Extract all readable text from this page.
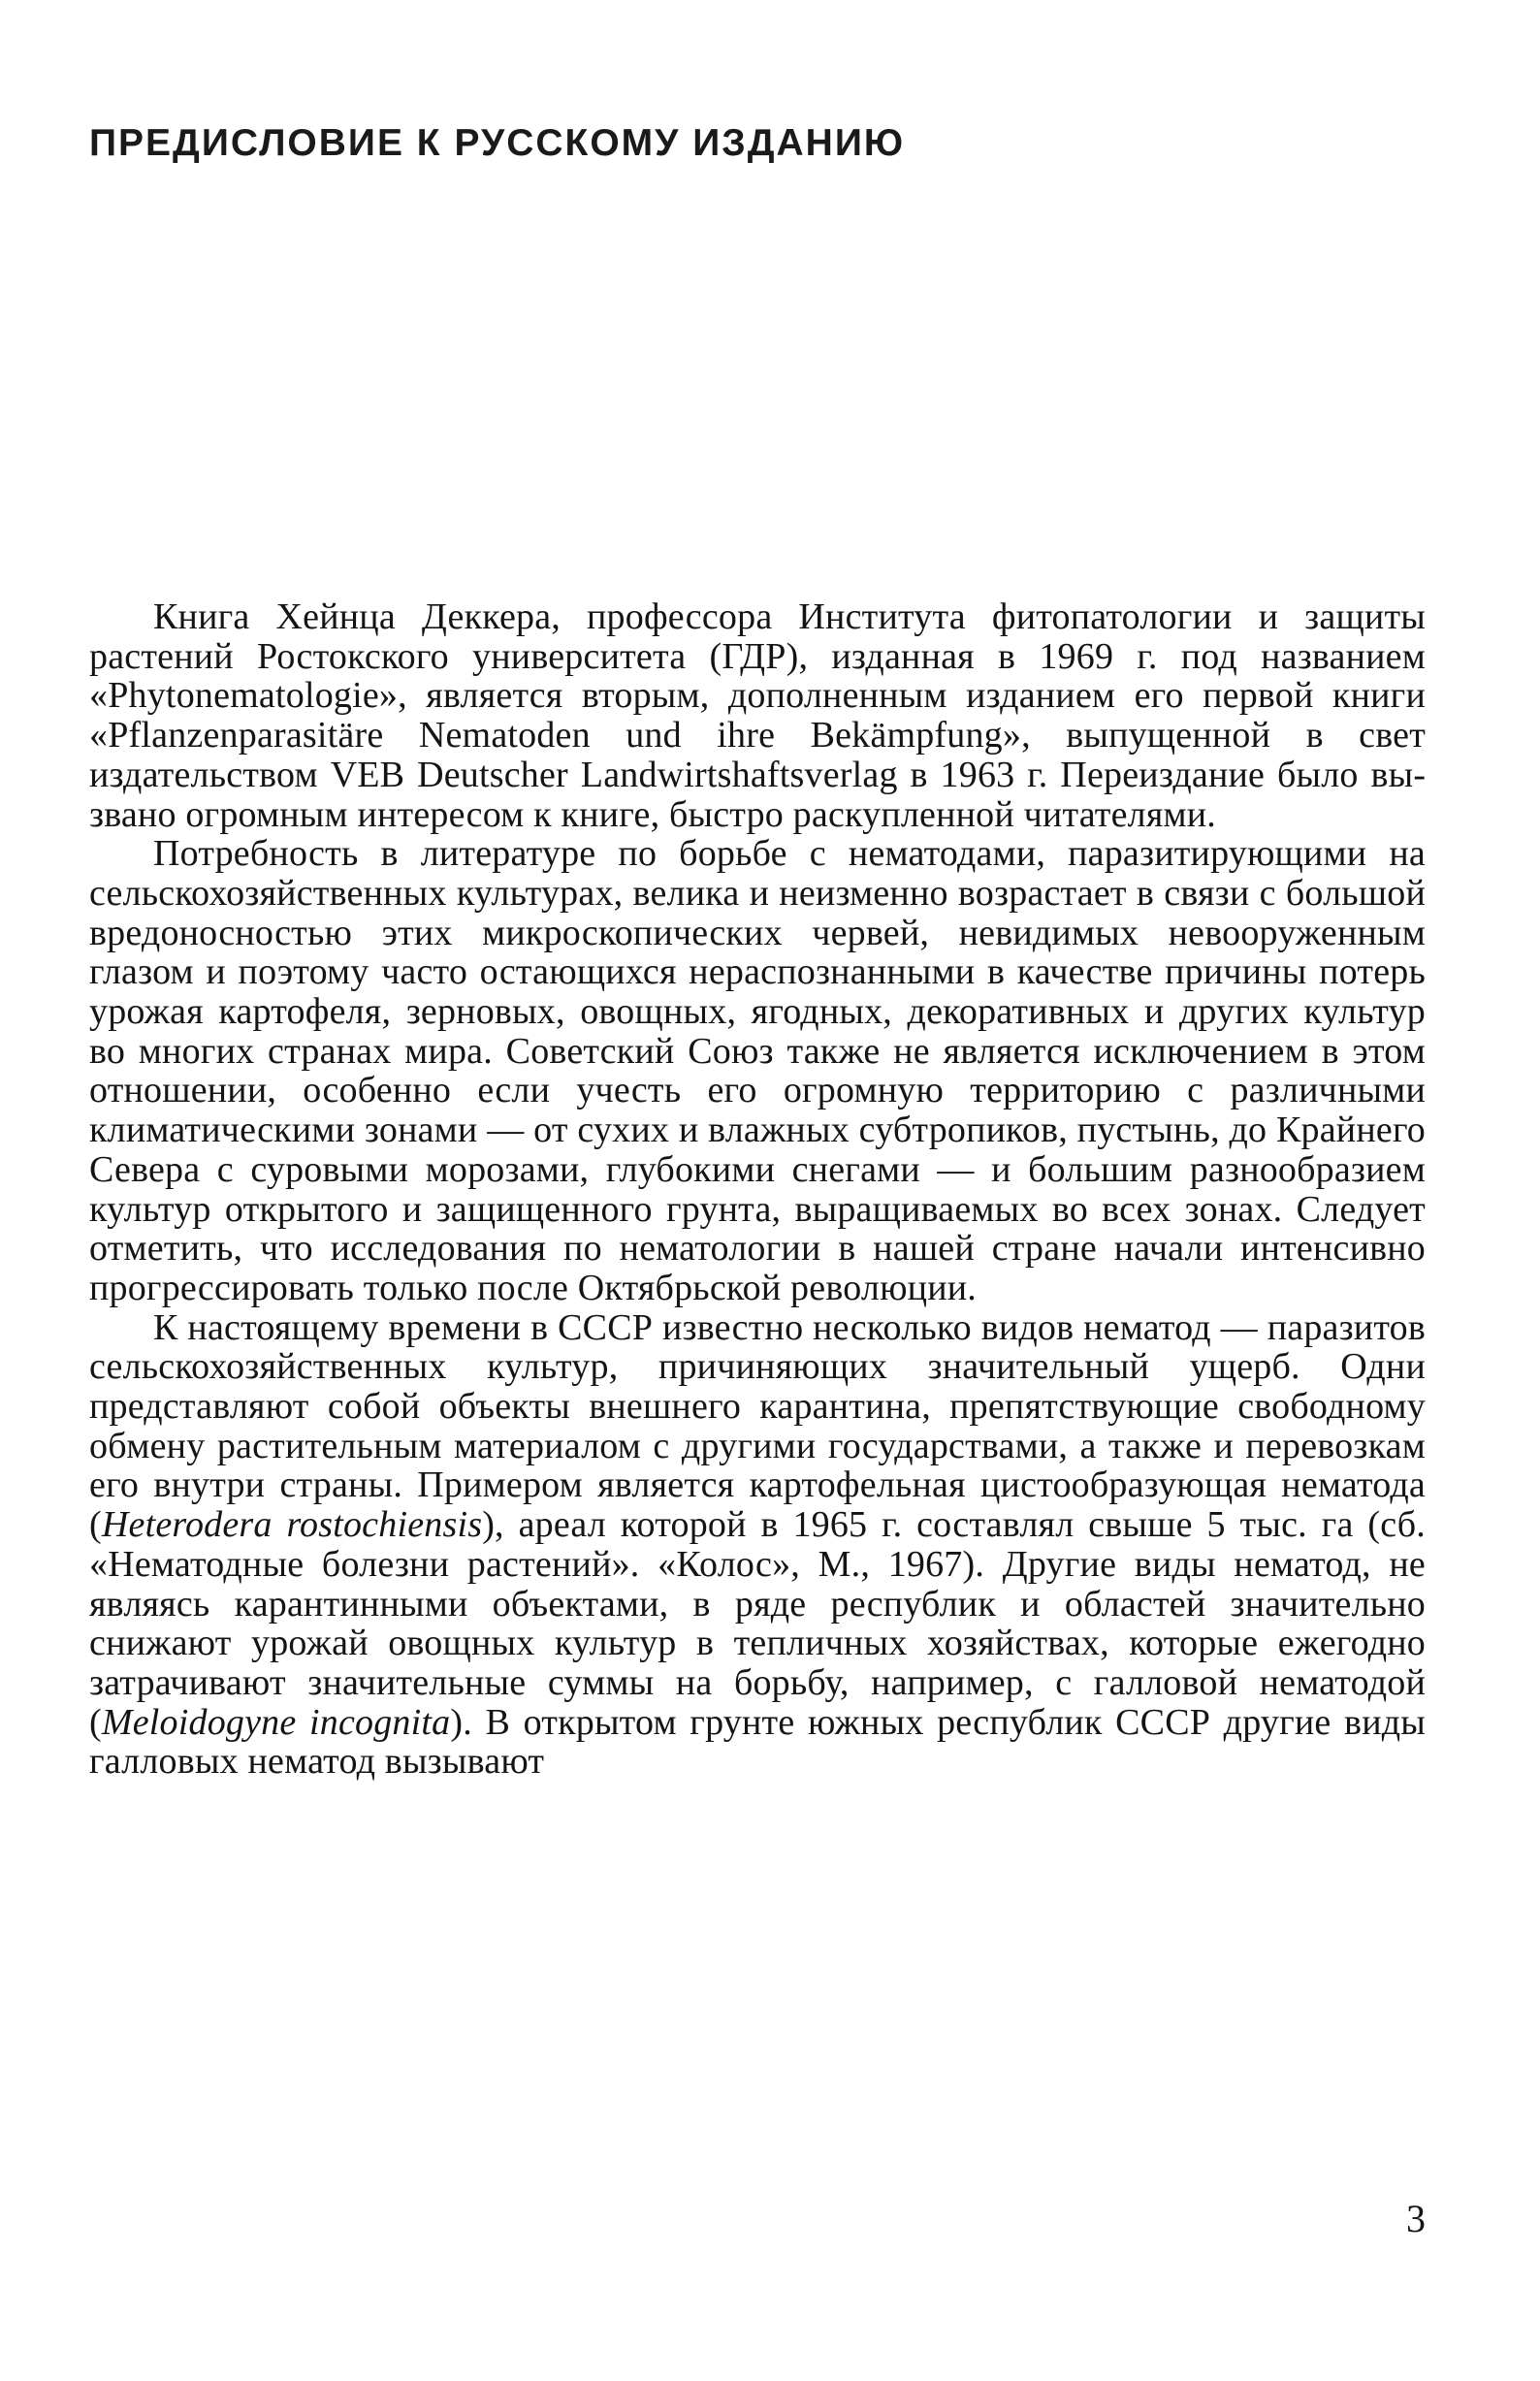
ПРЕДИСЛОВИЕ К РУССКОМУ ИЗДАНИЮ

Книга Хейнца Деккера, профессора Института фитопатологии и защиты растений Ростокского университета (ГДР), изданная в 1969 г. под названием «Phytonematologie», является вторым, дополненным изданием его первой книги «Pflanzenparasitäre Nematoden und ihre Bekämpfung», выпущенной в свет издательством VEB Deutscher Landwirtshaftsverlag в 1963 г. Переиздание было вызвано огромным интересом к книге, быстро раскупленной читателями.

Потребность в литературе по борьбе с нематодами, паразитирующими на сельскохозяйственных культурах, велика и неизменно возрастает в связи с большой вредоносностью этих микроскопических червей, невидимых невооруженным глазом и поэтому часто остающихся нераспознанными в качестве причины потерь урожая картофеля, зерновых, овощных, ягодных, декоративных и других культур во многих странах мира. Советский Союз также не является исключением в этом отношении, особенно если учесть его огромную территорию с различными климатическими зонами — от сухих и влажных субтропиков, пустынь, до Крайнего Севера с суровыми морозами, глубокими снегами — и большим разнообразием культур открытого и защищенного грунта, выращиваемых во всех зонах. Следует отметить, что исследования по нематологии в нашей стране начали интенсивно прогрессировать только после Октябрьской революции.

К настоящему времени в СССР известно несколько видов нематод — паразитов сельскохозяйственных культур, причиняющих значительный ущерб. Одни представляют собой объекты внешнего карантина, препятствующие свободному обмену растительным материалом с другими государствами, а также и перевозкам его внутри страны. Примером является картофельная цистообразующая нематода (Heterodera rostochiensis), ареал которой в 1965 г. составлял свыше 5 тыс. га (сб. «Нематодные болезни растений». «Колос», М., 1967). Другие виды нематод, не являясь карантинными объектами, в ряде республик и областей значительно снижают урожай овощных культур в тепличных хозяйствах, которые ежегодно затрачивают значительные суммы на борьбу, например, с галловой нематодой (Meloidogyne incognita). В открытом грунте южных республик СССР другие виды галловых нематод вызывают

3
